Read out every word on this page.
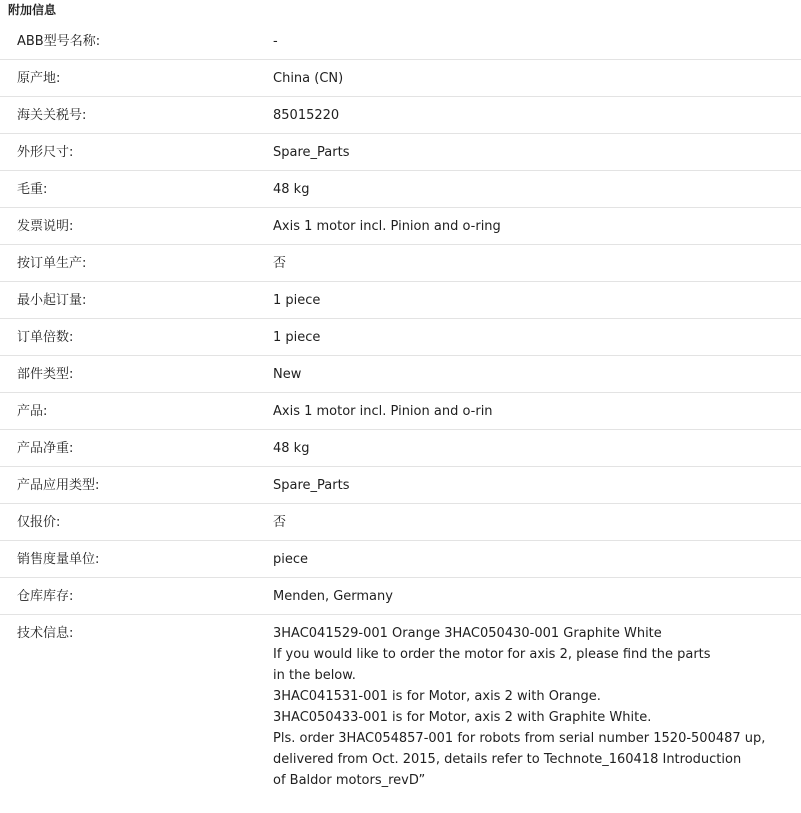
附加信息
ABB型号名称:	-
原产地:	China (CN)
海关关税号:	85015220
外形尺寸:	Spare_Parts
毛重:	48 kg
发票说明:	Axis 1 motor incl. Pinion and o-ring
按订单生产:	否
最小起订量:	1 piece
订单倍数:	1 piece
部件类型:	New
产品:	Axis 1 motor incl. Pinion and o-rin
产品净重:	48 kg
产品应用类型:	Spare_Parts
仅报价:	否
销售度量单位:	piece
仓库库存:	Menden, Germany
技术信息:	3HAC041529-001 Orange 3HAC050430-001 Graphite White
If you would like to order the motor for axis 2, please find the parts
in the below.
3HAC041531-001 is for Motor, axis 2 with Orange.
3HAC050433-001 is for Motor, axis 2 with Graphite White.
Pls. order 3HAC054857-001 for robots from serial number 1520-500487 up,
delivered from Oct. 2015, details refer to Technote_160418 Introduction
of Baldor motors_revD”
